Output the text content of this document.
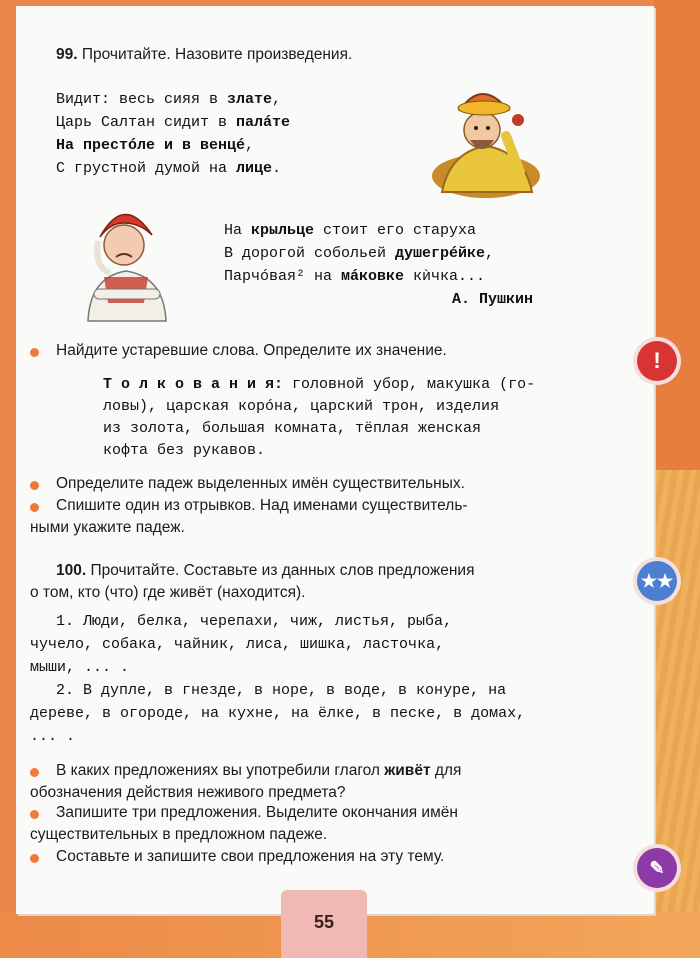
99. Прочитайте. Назовите произведения.
Видит: весь сияя в злате,
Царь Салтан сидит в палáте
На престóле и в венцé,
С грустной думой на лице.
На крыльце стоит его старуха
В дорогой собольей душегрéйке,
Парчóвая² на мáковке кѝчка...
А. Пушкин
!
Найдите устаревшие слова. Определите их значение.
Т о л к о в а н и я: головной убор, макушка (го-
ловы), царская корóна, царский трон, изделия
из золота, большая комната, тёплая женская
кофта без рукавов.
Определите падеж выделенных имён существительных.
Спишите один из отрывков. Над именами существитель-
ными укажите падеж.
100. Прочитайте. Составьте из данных слов предложения
о том, кто (что) где живёт (находится).
★★
1. Люди, белка, черепахи, чиж, листья, рыба,
чучело, собака, чайник, лиса, шишка, ласточка,
мыши, ... .
2. В дупле, в гнезде, в норе, в воде, в конуре, на
дереве, в огороде, на кухне, на ёлке, в песке, в домах,
... .
В каких предложениях вы употребили глагол живёт для
обозначения действия неживого предмета?
Запишите три предложения. Выделите окончания имён
существительных в предложном падеже.
Составьте и запишите свои предложения на эту тему.
✎
55
